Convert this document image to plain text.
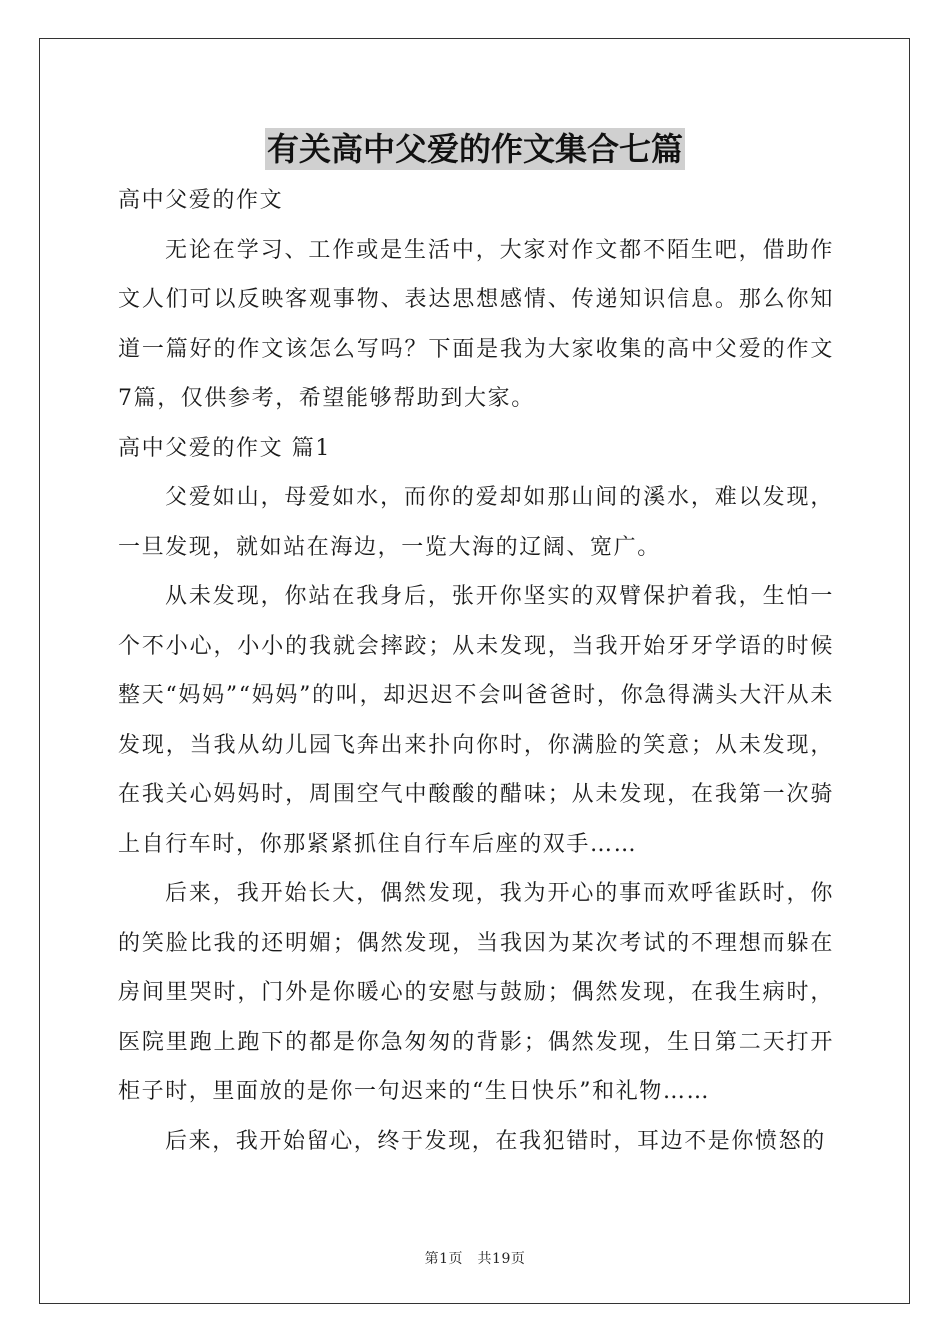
有关高中父爱的作文集合七篇

高中父爱的作文

无论在学习、工作或是生活中，大家对作文都不陌生吧，借助作文人们可以反映客观事物、表达思想感情、传递知识信息。那么你知道一篇好的作文该怎么写吗？下面是我为大家收集的高中父爱的作文7篇，仅供参考，希望能够帮助到大家。

高中父爱的作文 篇1

父爱如山，母爱如水，而你的爱却如那山间的溪水，难以发现，一旦发现，就如站在海边，一览大海的辽阔、宽广。

从未发现，你站在我身后，张开你坚实的双臂保护着我，生怕一个不小心，小小的我就会摔跤；从未发现，当我开始牙牙学语的时候整天“妈妈”“妈妈”的叫，却迟迟不会叫爸爸时，你急得满头大汗从未发现，当我从幼儿园飞奔出来扑向你时，你满脸的笑意；从未发现，在我关心妈妈时，周围空气中酸酸的醋味；从未发现，在我第一次骑上自行车时，你那紧紧抓住自行车后座的双手……

后来，我开始长大，偶然发现，我为开心的事而欢呼雀跃时，你的笑脸比我的还明媚；偶然发现，当我因为某次考试的不理想而躲在房间里哭时，门外是你暖心的安慰与鼓励；偶然发现，在我生病时，医院里跑上跑下的都是你急匆匆的背影；偶然发现，生日第二天打开柜子时，里面放的是你一句迟来的“生日快乐”和礼物……

后来，我开始留心，终于发现，在我犯错时，耳边不是你愤怒的

第1页　共19页
